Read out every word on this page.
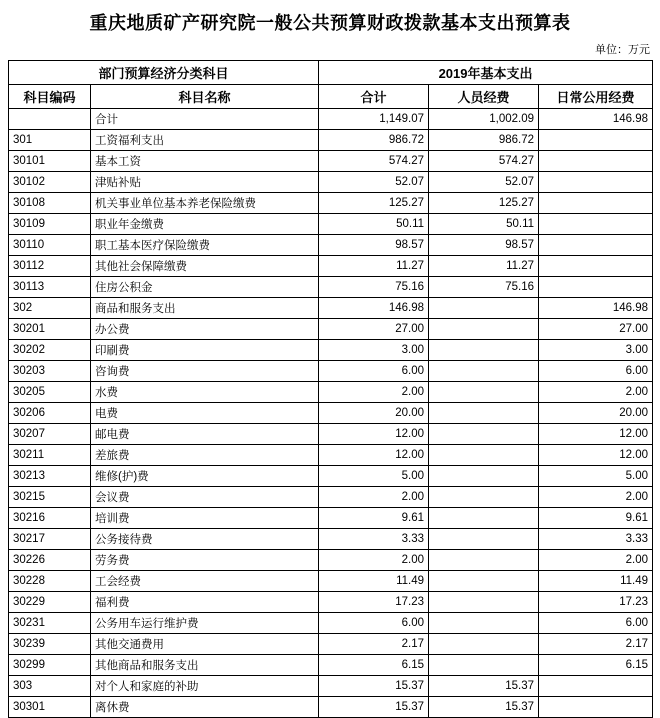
重庆地质矿产研究院一般公共预算财政拨款基本支出预算表
单位：万元
部门预算经济分类科目		2019年基本支出		
科目编码	科目名称	合计	人员经费	日常公用经费
	合计	1,149.07	1,002.09	146.98
301	工资福利支出	986.72	986.72	
30101	基本工资	574.27	574.27	
30102	津贴补贴	52.07	52.07	
30108	机关事业单位基本养老保险缴费	125.27	125.27	
30109	职业年金缴费	50.11	50.11	
30110	职工基本医疗保险缴费	98.57	98.57	
30112	其他社会保障缴费	11.27	11.27	
30113	住房公积金	75.16	75.16	
302	商品和服务支出	146.98		146.98
30201	办公费	27.00		27.00
30202	印刷费	3.00		3.00
30203	咨询费	6.00		6.00
30205	水费	2.00		2.00
30206	电费	20.00		20.00
30207	邮电费	12.00		12.00
30211	差旅费	12.00		12.00
30213	维修(护)费	5.00		5.00
30215	会议费	2.00		2.00
30216	培训费	9.61		9.61
30217	公务接待费	3.33		3.33
30226	劳务费	2.00		2.00
30228	工会经费	11.49		11.49
30229	福利费	17.23		17.23
30231	公务用车运行维护费	6.00		6.00
30239	其他交通费用	2.17		2.17
30299	其他商品和服务支出	6.15		6.15
303	对个人和家庭的补助	15.37	15.37	
30301	离休费	15.37	15.37	
